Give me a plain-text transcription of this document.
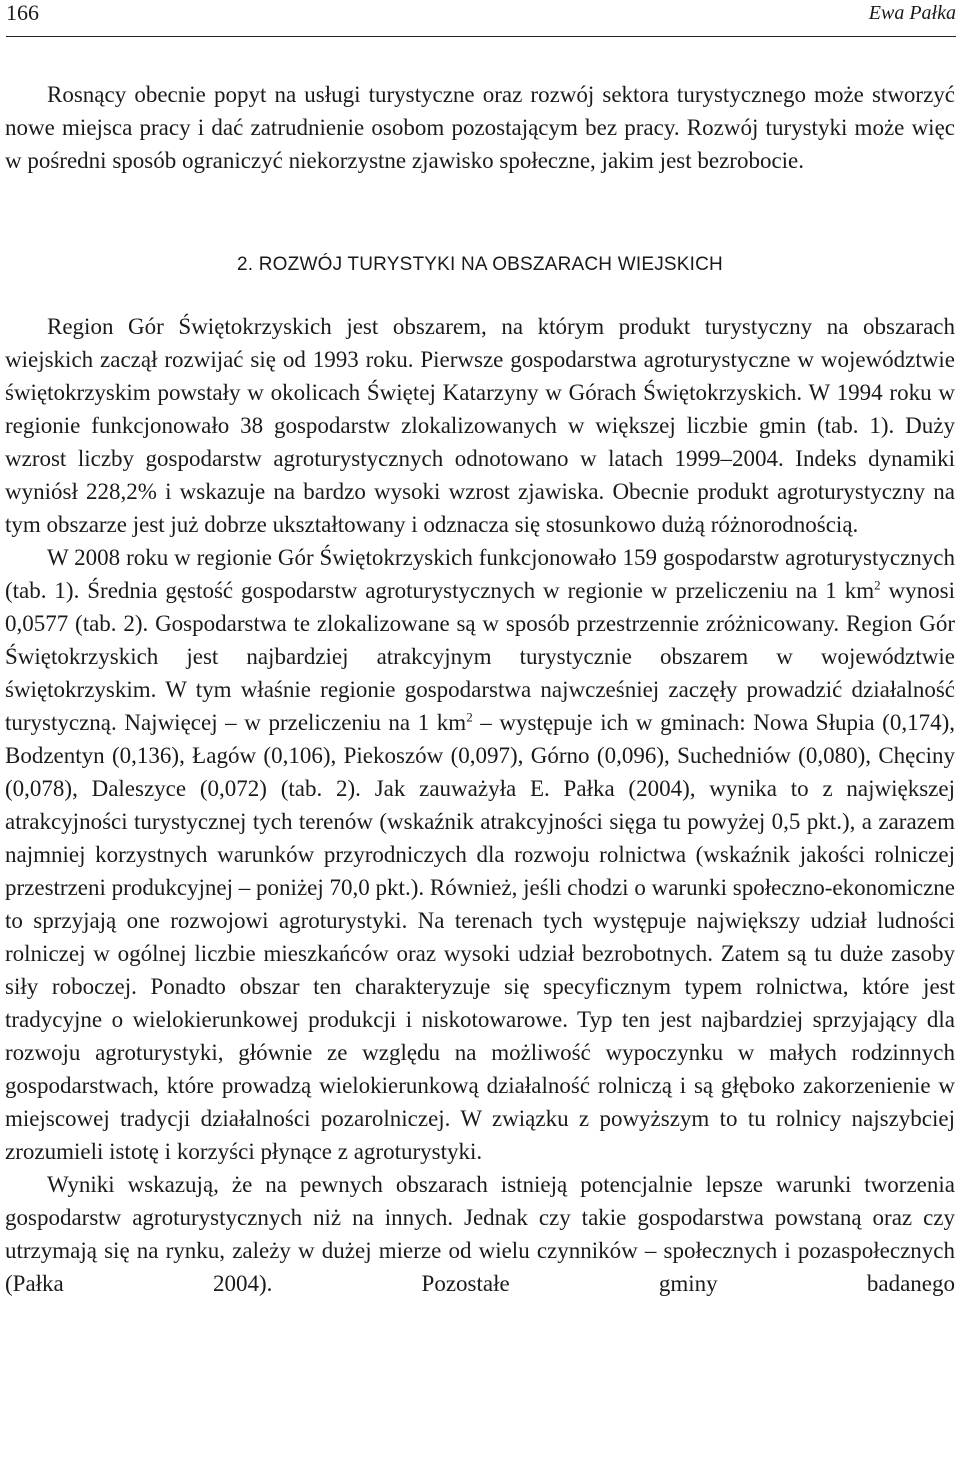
166	Ewa Pałka

Rosnący obecnie popyt na usługi turystyczne oraz rozwój sektora turystycznego może stworzyć nowe miejsca pracy i dać zatrudnienie osobom pozostającym bez pracy. Rozwój turystyki może więc w pośredni sposób ograniczyć niekorzystne zjawisko społeczne, jakim jest bezrobocie.

2. ROZWÓJ TURYSTYKI NA OBSZARACH WIEJSKICH

Region Gór Świętokrzyskich jest obszarem, na którym produkt turystyczny na obszarach wiejskich zaczął rozwijać się od 1993 roku. Pierwsze gospodarstwa agroturystyczne w województwie świętokrzyskim powstały w okolicach Świętej Katarzyny w Górach Świętokrzyskich. W 1994 roku w regionie funkcjonowało 38 gospodarstw zlokalizowanych w większej liczbie gmin (tab. 1). Duży wzrost liczby gospodarstw agroturystycznych odnotowano w latach 1999–2004. Indeks dynamiki wyniósł 228,2% i wskazuje na bardzo wysoki wzrost zjawiska. Obecnie produkt agroturystyczny na tym obszarze jest już dobrze ukształtowany i odznacza się stosunkowo dużą różnorodnością.

W 2008 roku w regionie Gór Świętokrzyskich funkcjonowało 159 gospodarstw agroturystycznych (tab. 1). Średnia gęstość gospodarstw agroturystycznych w regionie w przeliczeniu na 1 $km^2$ wynosi 0,0577 (tab. 2). Gospodarstwa te zlokalizowane są w sposób przestrzennie zróżnicowany. Region Gór Świętokrzyskich jest najbardziej atrakcyjnym turystycznie obszarem w województwie świętokrzyskim. W tym właśnie regionie gospodarstwa najwcześniej zaczęły prowadzić działalność turystyczną. Najwięcej – w przeliczeniu na 1 $km^2$ – występuje ich w gminach: Nowa Słupia (0,174), Bodzentyn (0,136), Łagów (0,106), Piekoszów (0,097), Górno (0,096), Suchedniów (0,080), Chęciny (0,078), Daleszyce (0,072) (tab. 2). Jak zauważyła E. Pałka (2004), wynika to z największej atrakcyjności turystycznej tych terenów (wskaźnik atrakcyjności sięga tu powyżej 0,5 pkt.), a zarazem najmniej korzystnych warunków przyrodniczych dla rozwoju rolnictwa (wskaźnik jakości rolniczej przestrzeni produkcyjnej – poniżej 70,0 pkt.). Również, jeśli chodzi o warunki społeczno-ekonomiczne to sprzyjają one rozwojowi agroturystyki. Na terenach tych występuje największy udział ludności rolniczej w ogólnej liczbie mieszkańców oraz wysoki udział bezrobotnych. Zatem są tu duże zasoby siły roboczej. Ponadto obszar ten charakteryzuje się specyficznym typem rolnictwa, które jest tradycyjne o wielokierunkowej produkcji i niskotowarowe. Typ ten jest najbardziej sprzyjający dla rozwoju agroturystyki, głównie ze względu na możliwość wypoczynku w małych rodzinnych gospodarstwach, które prowadzą wielokierunkową działalność rolniczą i są głęboko zakorzenienie w miejscowej tradycji działalności pozarolniczej. W związku z powyższym to tu rolnicy najszybciej zrozumieli istotę i korzyści płynące z agroturystyki.

Wyniki wskazują, że na pewnych obszarach istnieją potencjalnie lepsze warunki tworzenia gospodarstw agroturystycznych niż na innych. Jednak czy takie gospodarstwa powstaną oraz czy utrzymają się na rynku, zależy w dużej mierze od wielu czynników – społecznych i pozaspołecznych (Pałka 2004). Pozostałe gminy badanego
